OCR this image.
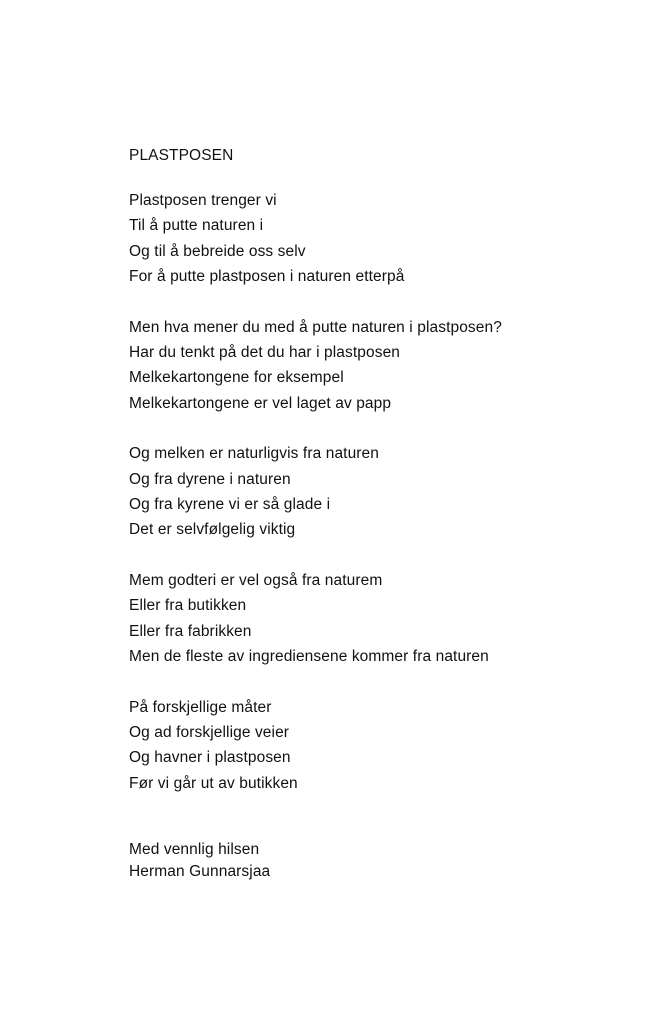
PLASTPOSEN
Plastposen trenger vi
Til å putte naturen i
Og til å bebreide oss selv
For å putte plastposen i naturen etterpå
Men hva mener du med å putte naturen i plastposen?
Har du tenkt på det du har i plastposen
Melkekartongene for eksempel
Melkekartongene er vel laget av papp
Og melken er naturligvis fra naturen
Og fra dyrene i naturen
Og fra kyrene vi er så glade i
Det er selvfølgelig viktig
Mem godteri er vel også fra naturem
Eller fra butikken
Eller fra fabrikken
Men de fleste av ingrediensene kommer fra naturen
På forskjellige måter
Og ad forskjellige veier
Og havner i plastposen
Før vi går ut av butikken
Med vennlig hilsen
Herman Gunnarsjaa
